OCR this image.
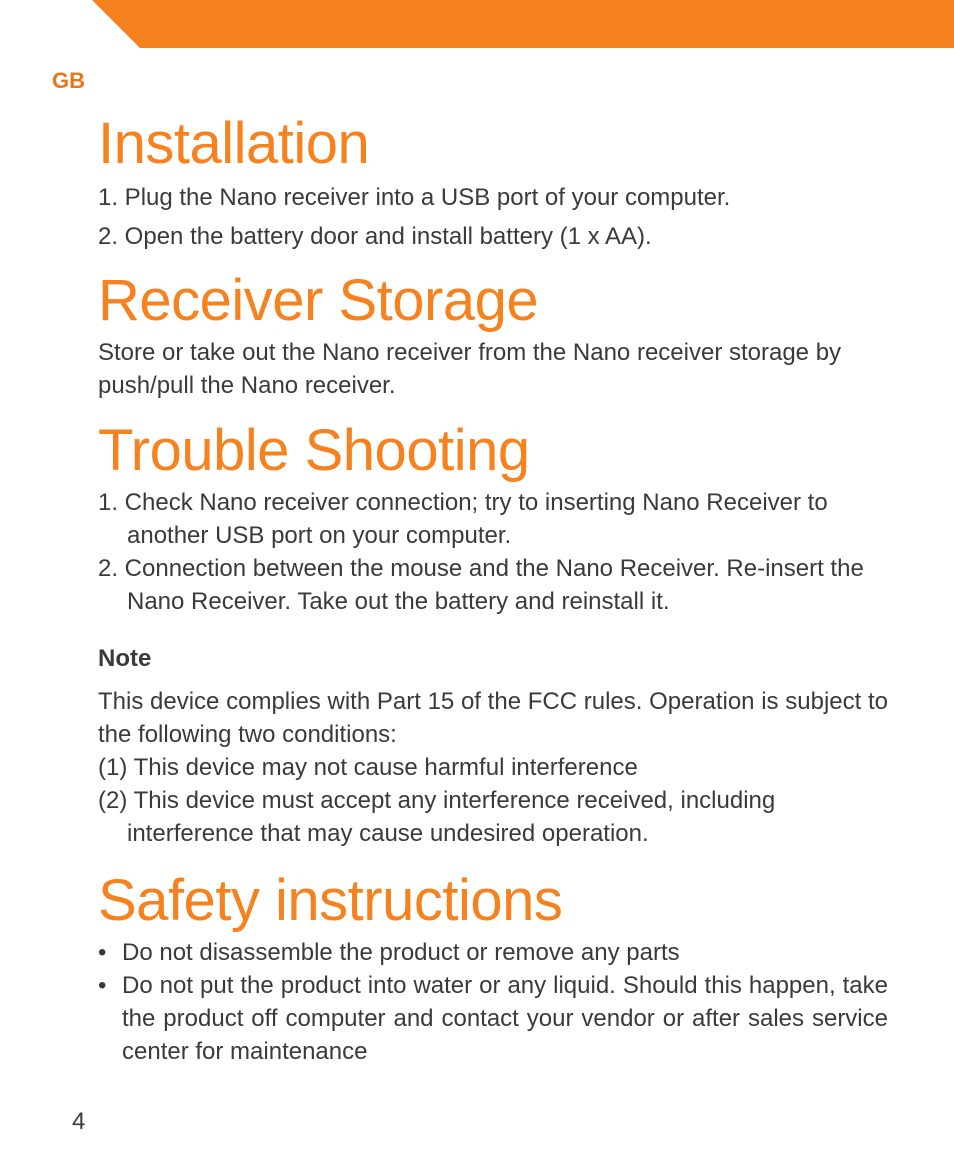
GB
Installation

1. Plug the Nano receiver into a USB port of your computer.

2. Open the battery door and install battery (1 x AA).

Receiver Storage

Store or take out the Nano receiver from the Nano receiver storage by push/pull the Nano receiver.

Trouble Shooting

1. Check Nano receiver connection; try to inserting Nano Receiver to another USB port on your computer.

2. Connection between the mouse and the Nano Receiver. Re-insert the Nano Receiver. Take out the battery and reinstall it.

Note

This device complies with Part 15 of the FCC rules. Operation is subject to the following two conditions:

(1) This device may not cause harmful interference

(2) This device must accept any interference received, including interference that may cause undesired operation.

Safety instructions
• Do not disassemble the product or remove any parts
• Do not put the product into water or any liquid. Should this happen, take the product off computer and contact your vendor or after sales service center for maintenance
4
